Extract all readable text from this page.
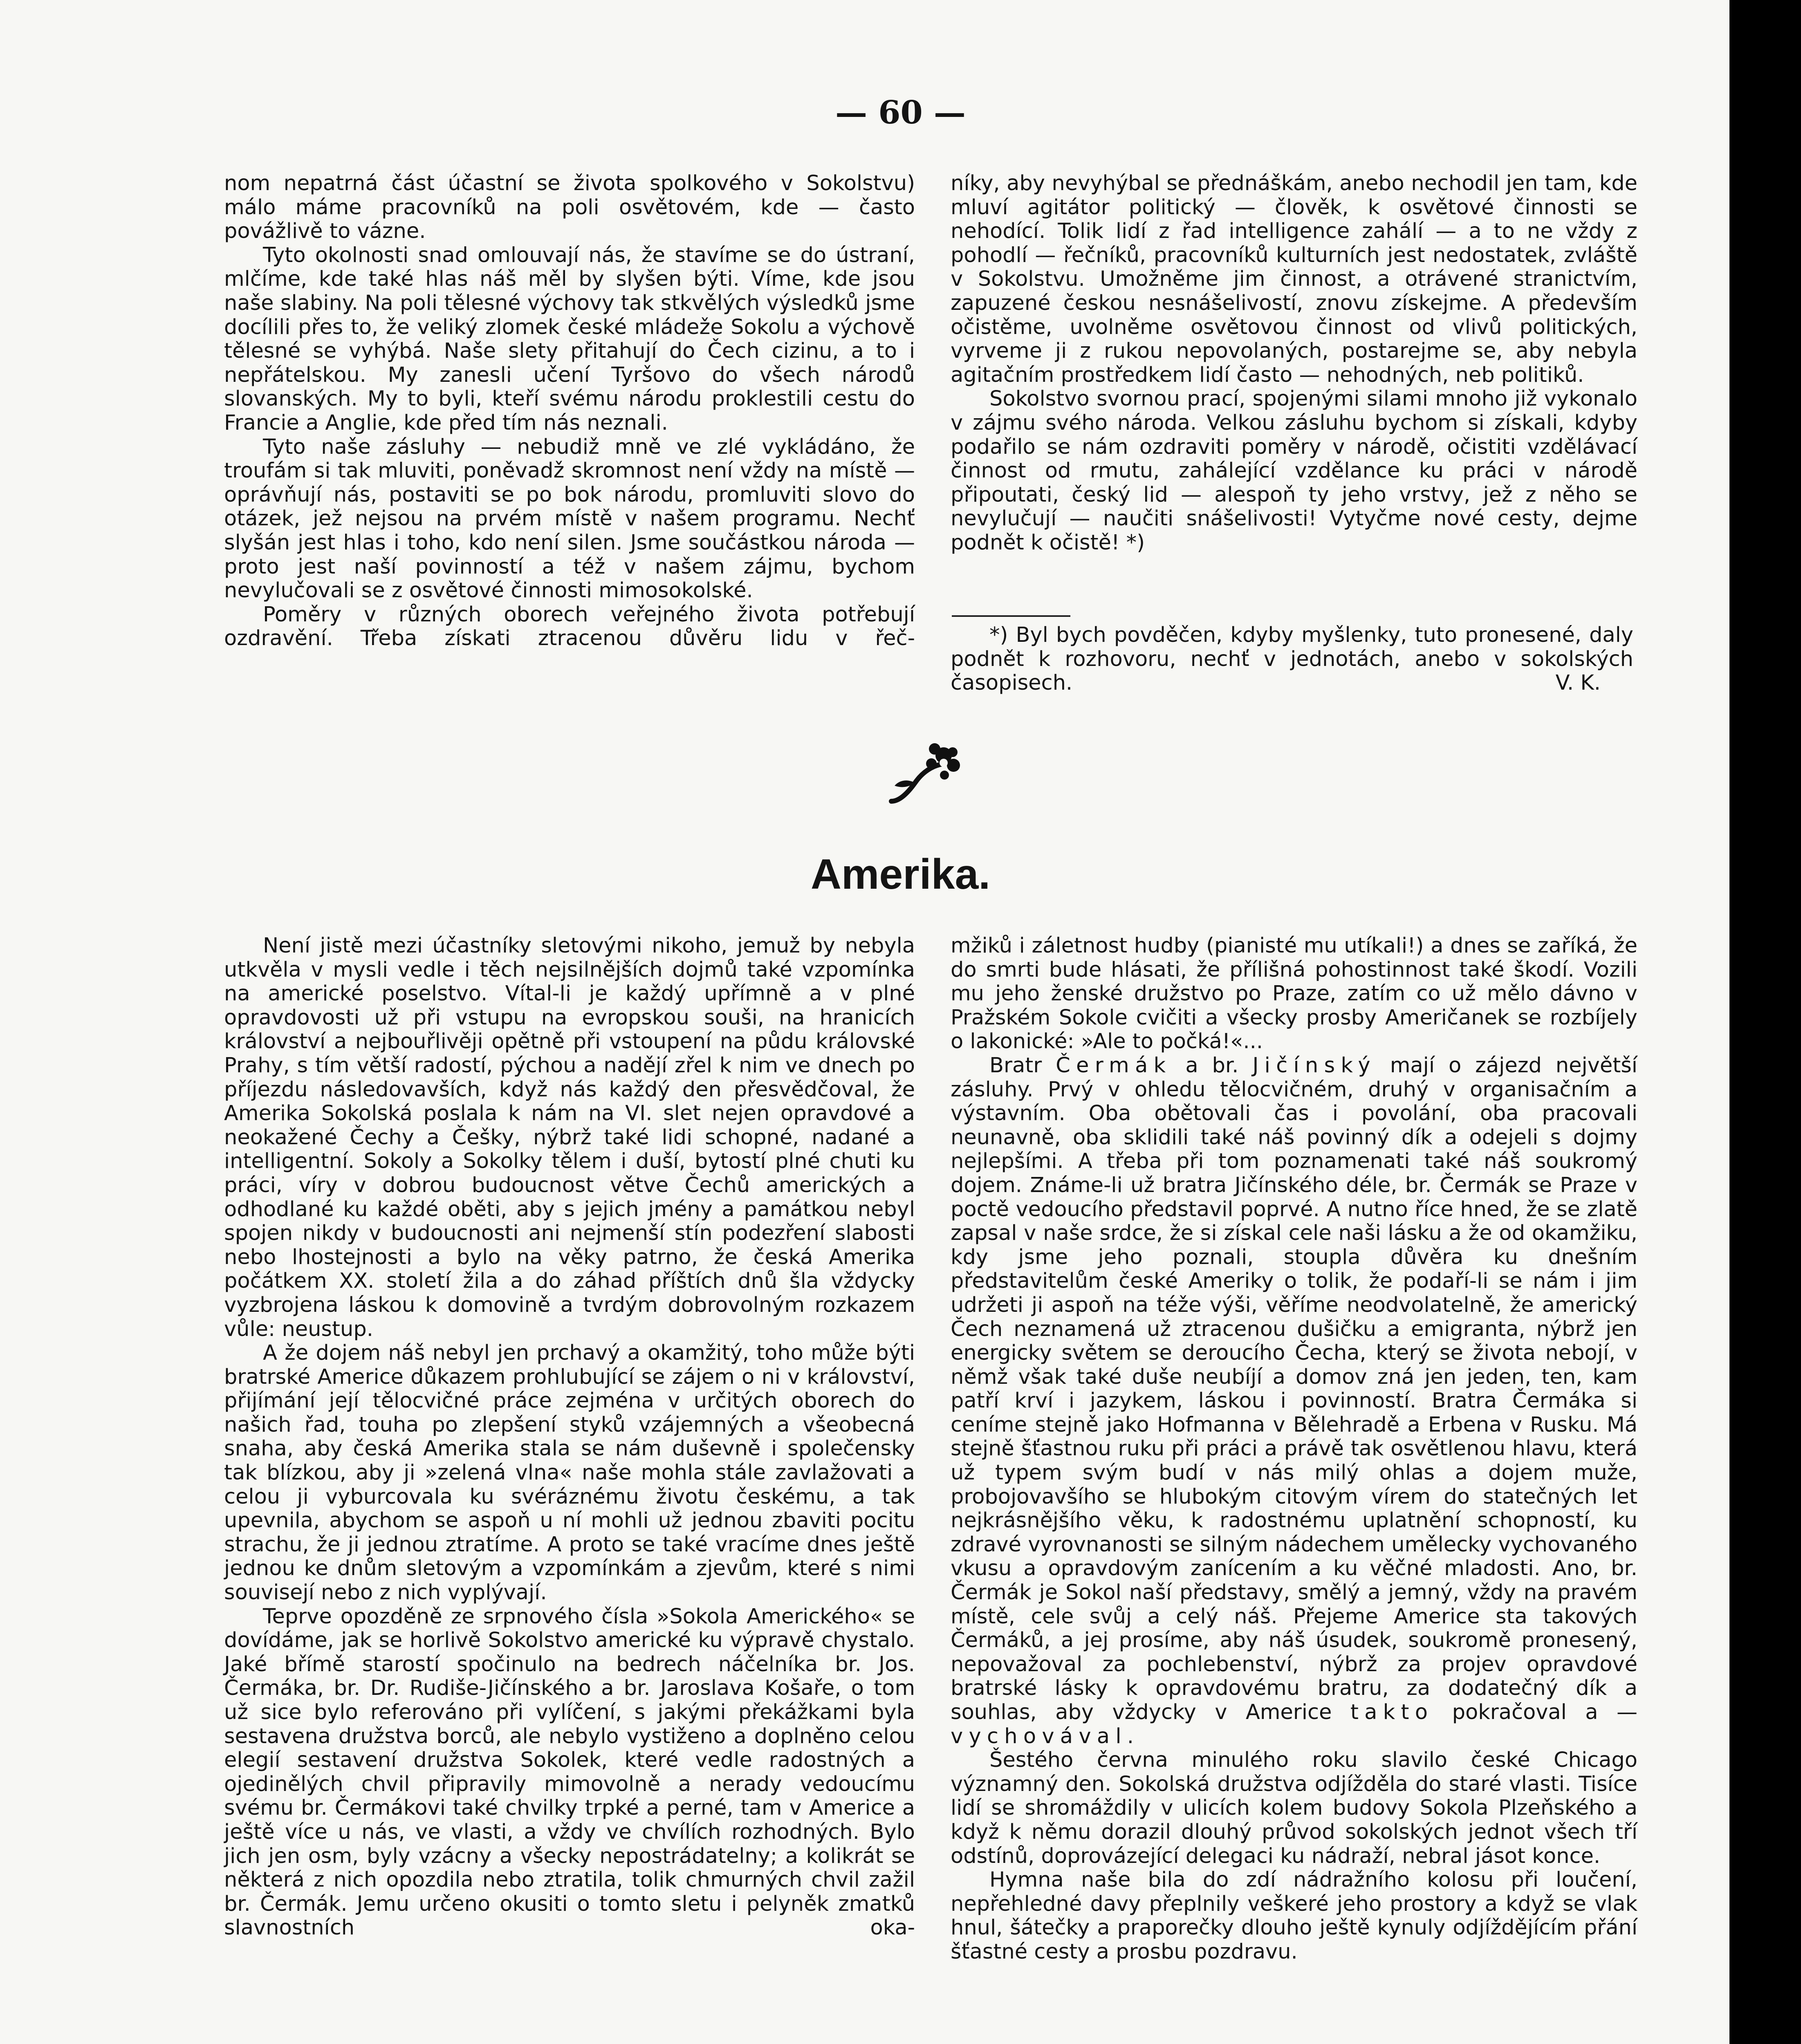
— 60 —

nom nepatrná část účastní se života spolkového v Sokolstvu) málo máme pracovníků na poli osvětovém, kde — často povážlivě to vázne.

Tyto okolnosti snad omlouvají nás, že stavíme se do ústraní, mlčíme, kde také hlas náš měl by slyšen býti. Víme, kde jsou naše slabiny. Na poli tělesné výchovy tak stkvělých výsledků jsme docílili přes to, že veliký zlomek české mládeže Sokolu a výchově tělesné se vyhýbá. Naše slety přitahují do Čech cizinu, a to i nepřátelskou. My zanesli učení Tyršovo do všech národů slovanských. My to byli, kteří svému národu proklestili cestu do Francie a Anglie, kde před tím nás neznali.

Tyto naše zásluhy — nebudiž mně ve zlé vykládáno, že troufám si tak mluviti, poněvadž skromnost není vždy na místě — oprávňují nás, postaviti se po bok národu, promluviti slovo do otázek, jež nejsou na prvém místě v našem programu. Nechť slyšán jest hlas i toho, kdo není silen. Jsme součástkou národa — proto jest naší povinností a též v našem zájmu, bychom nevylučovali se z osvětové činnosti mimosokolské.

Poměry v různých oborech veřejného života potřebují ozdravění. Třeba získati ztracenou důvěru lidu v řeč-

níky, aby nevyhýbal se přednáškám, anebo nechodil jen tam, kde mluví agitátor politický — člověk, k osvětové činnosti se nehodící. Tolik lidí z řad intelligence zahálí — a to ne vždy z pohodlí — řečníků, pracovníků kulturních jest nedostatek, zvláště v Sokolstvu. Umožněme jim činnost, a otrávené stranictvím, zapuzené českou nesnášelivostí, znovu získejme. A především očistěme, uvolněme osvětovou činnost od vlivů politických, vyrveme ji z rukou nepovolaných, postarejme se, aby nebyla agitačním prostředkem lidí často — nehodných, neb politiků.

Sokolstvo svornou prací, spojenými silami mnoho již vykonalo v zájmu svého národa. Velkou zásluhu bychom si získali, kdyby podařilo se nám ozdraviti poměry v národě, očistiti vzdělávací činnost od rmutu, zahálející vzdělance ku práci v národě připoutati, český lid — alespoň ty jeho vrstvy, jež z něho se nevylučují — naučiti snášelivosti! Vytyčme nové cesty, dejme podnět k očistě! *)

*) Byl bych povděčen, kdyby myšlenky, tuto pronesené, daly podnět k rozhovoru, nechť v jednotách, anebo v sokolských časopisech.	V. K.

Amerika.

Není jistě mezi účastníky sletovými nikoho, jemuž by nebyla utkvěla v mysli vedle i těch nejsilnějších dojmů také vzpomínka na americké poselstvo. Vítal-li je každý upřímně a v plné opravdovosti už při vstupu na evropskou souši, na hranicích království a nejbouřlivěji opětně při vstoupení na půdu královské Prahy, s tím větší radostí, pýchou a nadějí zřel k nim ve dnech po příjezdu následovavších, když nás každý den přesvědčoval, že Amerika Sokolská poslala k nám na VI. slet nejen opravdové a neokažené Čechy a Češky, nýbrž také lidi schopné, nadané a intelligentní. Sokoly a Sokolky tělem i duší, bytostí plné chuti ku práci, víry v dobrou budoucnost větve Čechů amerických a odhodlané ku každé oběti, aby s jejich jmény a památkou nebyl spojen nikdy v budoucnosti ani nejmenší stín podezření slabosti nebo lhostejnosti a bylo na věky patrno, že česká Amerika počátkem XX. století žila a do záhad příštích dnů šla vždycky vyzbrojena láskou k domovině a tvrdým dobrovolným rozkazem vůle: neustup.

A že dojem náš nebyl jen prchavý a okamžitý, toho může býti bratrské Americe důkazem prohlubující se zájem o ni v království, přijímání její tělocvičné práce zejména v určitých oborech do našich řad, touha po zlepšení styků vzájemných a všeobecná snaha, aby česká Amerika stala se nám duševně i společensky tak blízkou, aby ji »zelená vlna« naše mohla stále zavlažovati a celou ji vyburcovala ku svéráznému životu českému, a tak upevnila, abychom se aspoň u ní mohli už jednou zbaviti pocitu strachu, že ji jednou ztratíme. A proto se také vracíme dnes ještě jednou ke dnům sletovým a vzpomínkám a zjevům, které s nimi souvisejí nebo z nich vyplývají.

Teprve opozděně ze srpnového čísla »Sokola Amerického« se dovídáme, jak se horlivě Sokolstvo americké ku výpravě chystalo. Jaké břímě starostí spočinulo na bedrech náčelníka br. Jos. Čermáka, br. Dr. Rudiše-Jičínského a br. Jaroslava Košaře, o tom už sice bylo referováno při vylíčení, s jakými překážkami byla sestavena družstva borců, ale nebylo vystiženo a doplněno celou elegií sestavení družstva Sokolek, které vedle radostných a ojedinělých chvil připravily mimovolně a nerady vedoucímu svému br. Čermákovi také chvilky trpké a perné, tam v Americe a ještě více u nás, ve vlasti, a vždy ve chvílích rozhodných. Bylo jich jen osm, byly vzácny a všecky nepostrádatelny; a kolikrát se některá z nich opozdila nebo ztratila, tolik chmurných chvil zažil br. Čermák. Jemu určeno okusiti o tomto sletu i pelyněk zmatků slavnostních oka-

mžiků i záletnost hudby (pianisté mu utíkali!) a dnes se zaříká, že do smrti bude hlásati, že přílišná pohostinnost také škodí. Vozili mu jeho ženské družstvo po Praze, zatím co už mělo dávno v Pražském Sokole cvičiti a všecky prosby Američanek se rozbíjely o lakonické: »Ale to počká!«...

Bratr Čermák a br. Jičínský mají o zájezd největší zásluhy. Prvý v ohledu tělocvičném, druhý v organisačním a výstavním. Oba obětovali čas i povolání, oba pracovali neunavně, oba sklidili také náš povinný dík a odejeli s dojmy nejlepšími. A třeba při tom poznamenati také náš soukromý dojem. Známe-li už bratra Jičínského déle, br. Čermák se Praze v poctě vedoucího představil poprvé. A nutno říce hned, že se zlatě zapsal v naše srdce, že si získal cele naši lásku a že od okamžiku, kdy jsme jeho poznali, stoupla důvěra ku dnešním představitelům české Ameriky o tolik, že podaří-li se nám i jim udržeti ji aspoň na téže výši, věříme neodvolatelně, že americký Čech neznamená už ztracenou dušičku a emigranta, nýbrž jen energicky světem se deroucího Čecha, který se života nebojí, v němž však také duše neubíjí a domov zná jen jeden, ten, kam patří krví i jazykem, láskou i povinností. Bratra Čermáka si ceníme stejně jako Hofmanna v Bělehradě a Erbena v Rusku. Má stejně šťastnou ruku při práci a právě tak osvětlenou hlavu, která už typem svým budí v nás milý ohlas a dojem muže, probojovavšího se hlubokým citovým vírem do statečných let nejkrásnějšího věku, k radostnému uplatnění schopností, ku zdravé vyrovnanosti se silným nádechem umělecky vychovaného vkusu a opravdovým zanícením a ku věčné mladosti. Ano, br. Čermák je Sokol naší představy, smělý a jemný, vždy na pravém místě, cele svůj a celý náš. Přejeme Americe sta takových Čermáků, a jej prosíme, aby náš úsudek, soukromě pronesený, nepovažoval za pochlebenství, nýbrž za projev opravdové bratrské lásky k opravdovému bratru, za dodatečný dík a souhlas, aby vždycky v Americe takto pokračoval a — vychovával.

Šestého června minulého roku slavilo české Chicago významný den. Sokolská družstva odjížděla do staré vlasti. Tisíce lidí se shromáždily v ulicích kolem budovy Sokola Plzeňského a když k němu dorazil dlouhý průvod sokolských jednot všech tří odstínů, doprovázející delegaci ku nádraží, nebral jásot konce.

Hymna naše bila do zdí nádražního kolosu při loučení, nepřehledné davy přeplnily veškeré jeho prostory a když se vlak hnul, šátečky a praporečky dlouho ještě kynuly odjíždějícím přání šťastné cesty a prosbu pozdravu.
